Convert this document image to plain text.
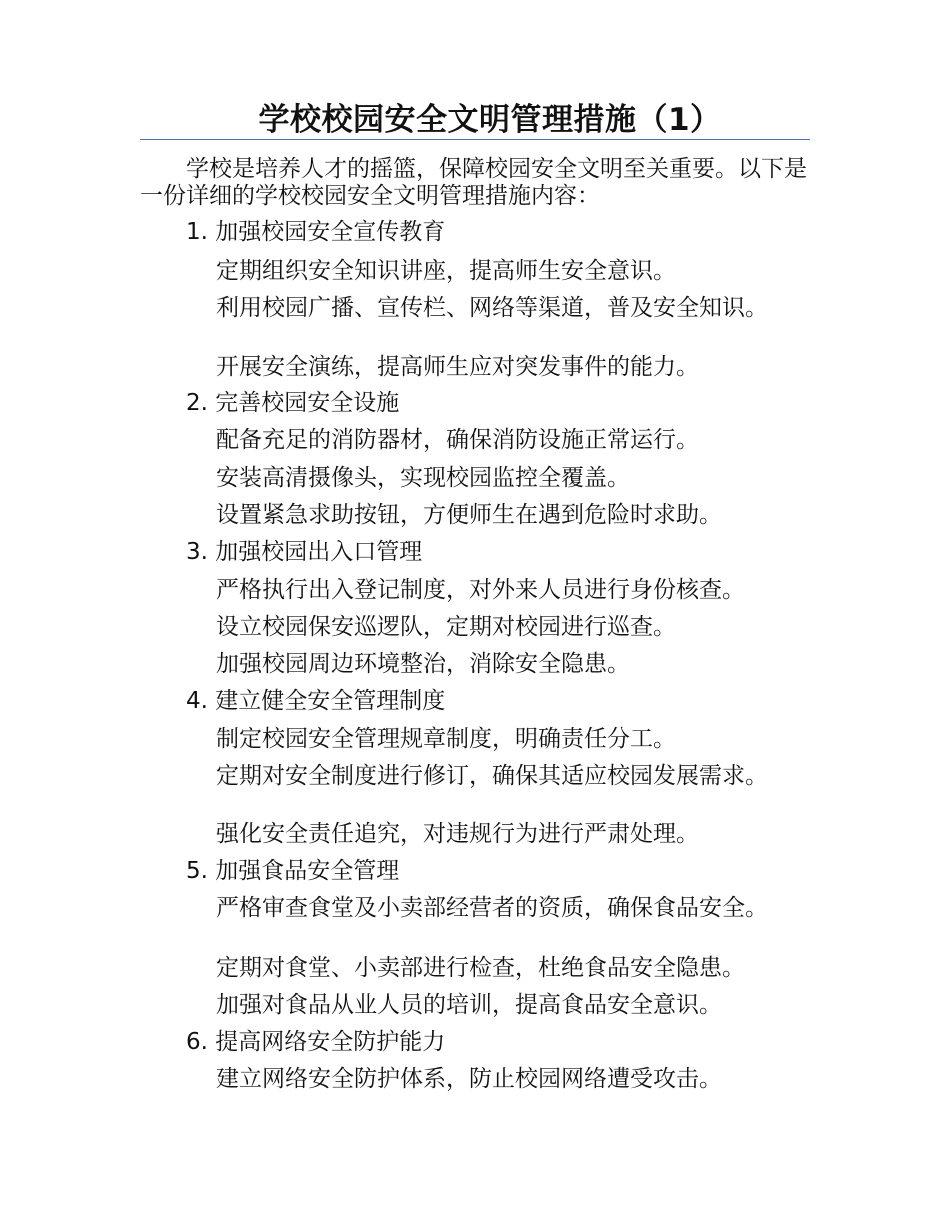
学校校园安全文明管理措施（1）

学校是培养人才的摇篮，保障校园安全文明至关重要。以下是一份详细的学校校园安全文明管理措施内容：

1. 加强校园安全宣传教育

定期组织安全知识讲座，提高师生安全意识。

利用校园广播、宣传栏、网络等渠道，普及安全知识。

开展安全演练，提高师生应对突发事件的能力。

2. 完善校园安全设施

配备充足的消防器材，确保消防设施正常运行。

安装高清摄像头，实现校园监控全覆盖。

设置紧急求助按钮，方便师生在遇到危险时求助。

3. 加强校园出入口管理

严格执行出入登记制度，对外来人员进行身份核查。

设立校园保安巡逻队，定期对校园进行巡查。

加强校园周边环境整治，消除安全隐患。

4. 建立健全安全管理制度

制定校园安全管理规章制度，明确责任分工。

定期对安全制度进行修订，确保其适应校园发展需求。

强化安全责任追究，对违规行为进行严肃处理。

5. 加强食品安全管理

严格审查食堂及小卖部经营者的资质，确保食品安全。

定期对食堂、小卖部进行检查，杜绝食品安全隐患。

加强对食品从业人员的培训，提高食品安全意识。

6. 提高网络安全防护能力

建立网络安全防护体系，防止校园网络遭受攻击。
